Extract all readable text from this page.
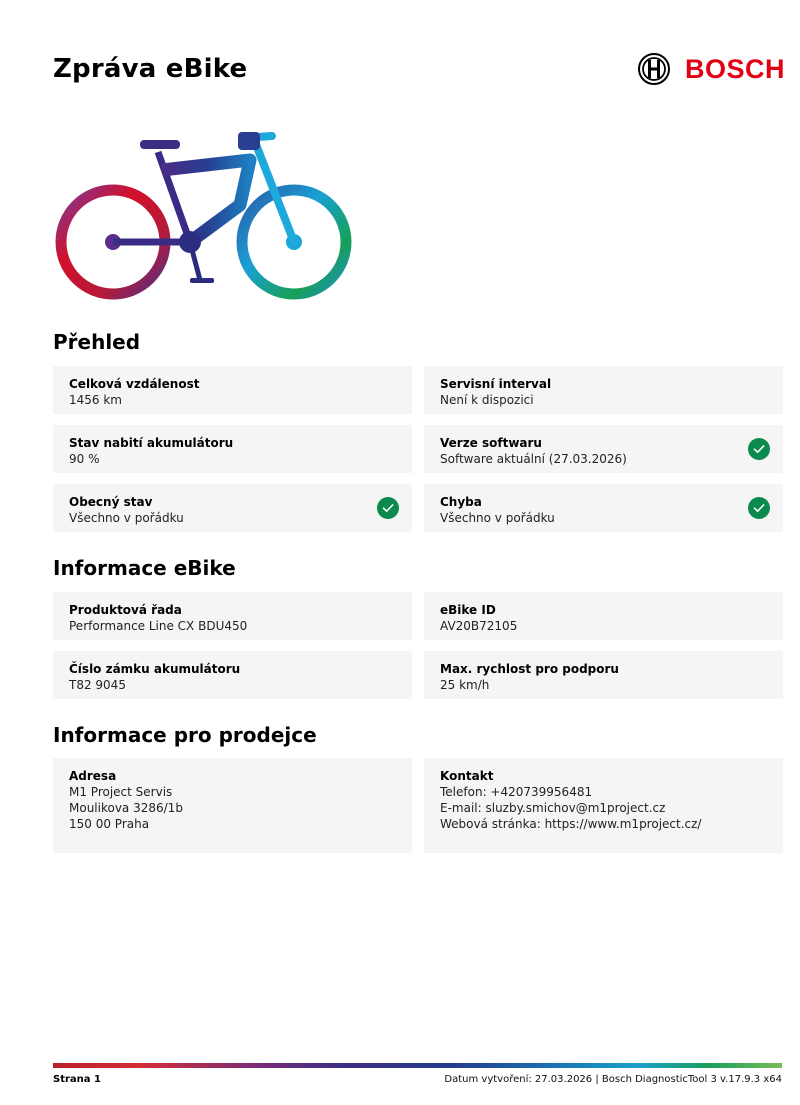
Zpráva eBike	BOSCH
Přehled
Celková vzdálenost
1456 km
Servisní interval
Není k dispozici
Stav nabití akumulátoru
90 %
Verze softwaru
Software aktuální (27.03.2026)
Obecný stav
Všechno v pořádku
Chyba
Všechno v pořádku
Informace eBike
Produktová řada
Performance Line CX BDU450
eBike ID
AV20B72105
Číslo zámku akumulátoru
T82 9045
Max. rychlost pro podporu
25 km/h
Informace pro prodejce
Adresa
M1 Project Servis
Moulikova 3286/1b
150 00 Praha
Kontakt
Telefon: +420739956481
E-mail: sluzby.smichov@m1project.cz
Webová stránka: https://www.m1project.cz/
Strana 1	Datum vytvoření: 27.03.2026 | Bosch DiagnosticTool 3 v.17.9.3 x64
